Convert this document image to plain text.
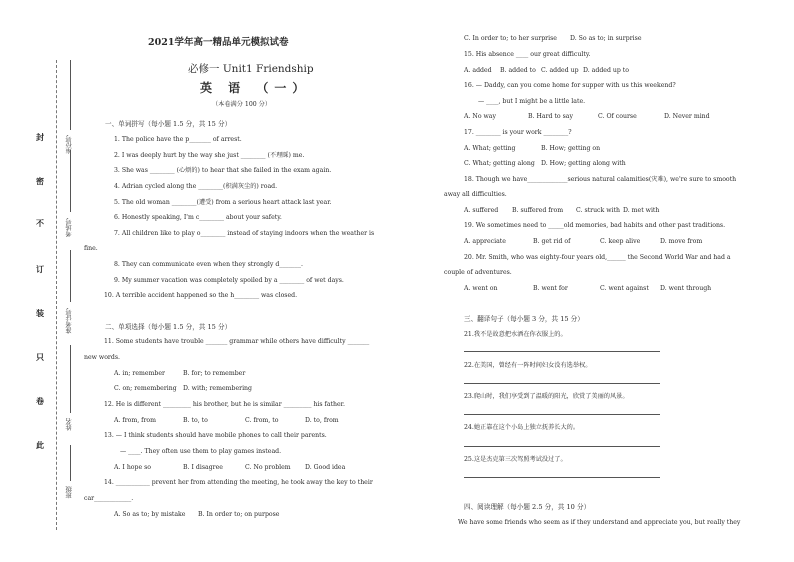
封
密
不
订
装
只
卷
此
座位号
考场号
准考证号
姓名
班级
2021学年高一精品单元模拟试卷
必修一 Unit1 Friendship
英 语 （一）
（本卷满分 100 分）
一、单词拼写（每小题 1.5 分，共 15 分）
1. The police have the p_______ of arrest.
2. I was deeply hurt by the way she just ________ (不理睬) me.
3. She was ________ (心烦的) to hear that she failed in the exam again.
4. Adrian cycled along the ________(积满灰尘的) road.
5. The old woman ________(遭受) from a serious heart attack last year.
6. Honestly speaking, I'm c________ about your safety.
7. All children like to play o________ instead of staying indoors when the weather is
fine.
8. They can communicate even when they strongly d_______.
9. My summer vacation was completely spoiled by a ________ of wet days.
10. A terrible accident happened so the h________ was closed.
二、单项选择（每小题 1.5 分，共 15 分）
11. Some students have trouble _______ grammar while others have difficulty _______
new words.
A. in; remember	B. for; to remember
C. on; remembering D. with; remembering
12. He is different _________ his brother, but he is similar _________ his father.
A. from, from	B. to, to	C. from, to	D. to, from
13. — I think students should have mobile phones to call their parents.
— ____. They often use them to play games instead.
A. I hope so	B. I disagree	C. No problem D. Good idea
14. ___________ prevent her from attending the meeting, he took away the key to their
car____________.
A. So as to; by mistake B. In order to; on purpose
C. In order to; to her surprise D. So as to; in surprise
15. His absence ____ our great difficulty.
A. added B. added to C. added up D. added up to
16. — Daddy, can you come home for supper with us this weekend?
— ____, but I might be a little late.
A. No way	B. Hard to say	C. Of course	D. Never mind
17. ________ is your work ________?
A. What; getting	B. How; getting on
C. What; getting along D. How; getting along with
18. Though we have_____________serious natural calamities(灾难), we're sure to smooth
away all difficulties.
A. suffered B. suffered from C. struck with D. met with
19. We sometimes need to _____old memories, bad habits and other past traditions.
A. appreciate	B. get rid of	C. keep alive	D. move from
20. Mr. Smith, who was eighty-four years old,______ the Second World War and had a
couple of adventures.
A. went on	B. went for	C. went against D. went through
三、翻译句子（每小题 3 分，共 15 分）
21.我不是故意把水洒在你衣服上的。
22.在美国，曾经有一阵时间妇女没有选举权。
23.爬山时，我们享受到了温暖的阳光，欣赏了美丽的风景。
24.她正靠在这个小岛上独立抚养长大的。
25.这是杰克第三次驾照考试没过了。
四、阅读理解（每小题 2.5 分，共 10 分）
We have some friends who seem as if they understand and appreciate you, but really they
